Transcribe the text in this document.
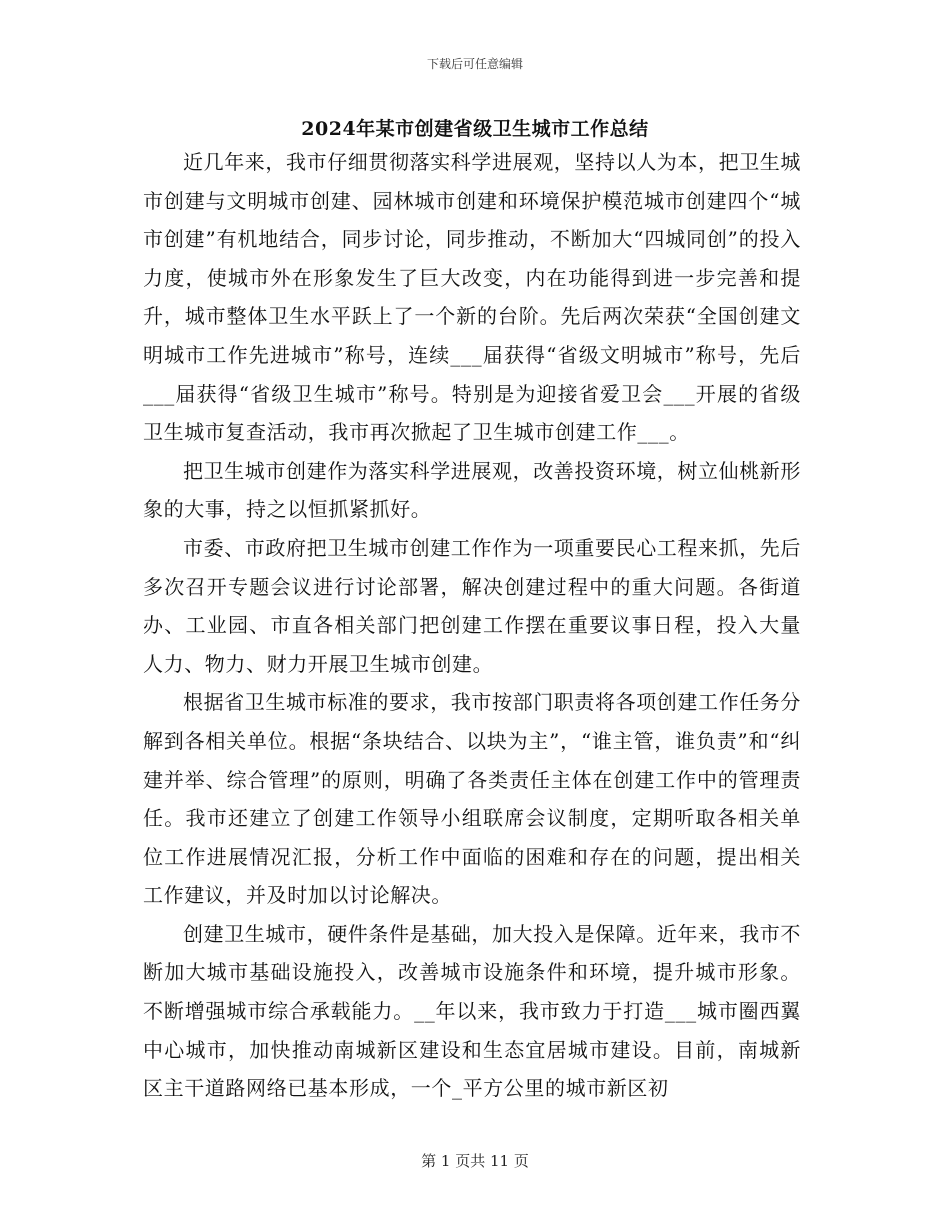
下载后可任意编辑
2024年某市创建省级卫生城市工作总结

近几年来，我市仔细贯彻落实科学进展观，坚持以人为本，把卫生城市创建与文明城市创建、园林城市创建和环境保护模范城市创建四个“城市创建”有机地结合，同步讨论，同步推动，不断加大“四城同创”的投入力度，使城市外在形象发生了巨大改变，内在功能得到进一步完善和提升，城市整体卫生水平跃上了一个新的台阶。先后两次荣获“全国创建文明城市工作先进城市”称号，连续___届获得“省级文明城市”称号，先后___届获得“省级卫生城市”称号。特别是为迎接省爱卫会___开展的省级卫生城市复查活动，我市再次掀起了卫生城市创建工作___。

把卫生城市创建作为落实科学进展观，改善投资环境，树立仙桃新形象的大事，持之以恒抓紧抓好。

市委、市政府把卫生城市创建工作作为一项重要民心工程来抓，先后多次召开专题会议进行讨论部署，解决创建过程中的重大问题。各街道办、工业园、市直各相关部门把创建工作摆在重要议事日程，投入大量人力、物力、财力开展卫生城市创建。

根据省卫生城市标准的要求，我市按部门职责将各项创建工作任务分解到各相关单位。根据“条块结合、以块为主”，“谁主管，谁负责”和“纠建并举、综合管理”的原则，明确了各类责任主体在创建工作中的管理责任。我市还建立了创建工作领导小组联席会议制度，定期听取各相关单位工作进展情况汇报，分析工作中面临的困难和存在的问题，提出相关工作建议，并及时加以讨论解决。

创建卫生城市，硬件条件是基础，加大投入是保障。近年来，我市不断加大城市基础设施投入，改善城市设施条件和环境，提升城市形象。不断增强城市综合承载能力。__年以来，我市致力于打造___城市圈西翼中心城市，加快推动南城新区建设和生态宜居城市建设。目前，南城新区主干道路网络已基本形成，一个_平方公里的城市新区初

第 1 页共 11 页
